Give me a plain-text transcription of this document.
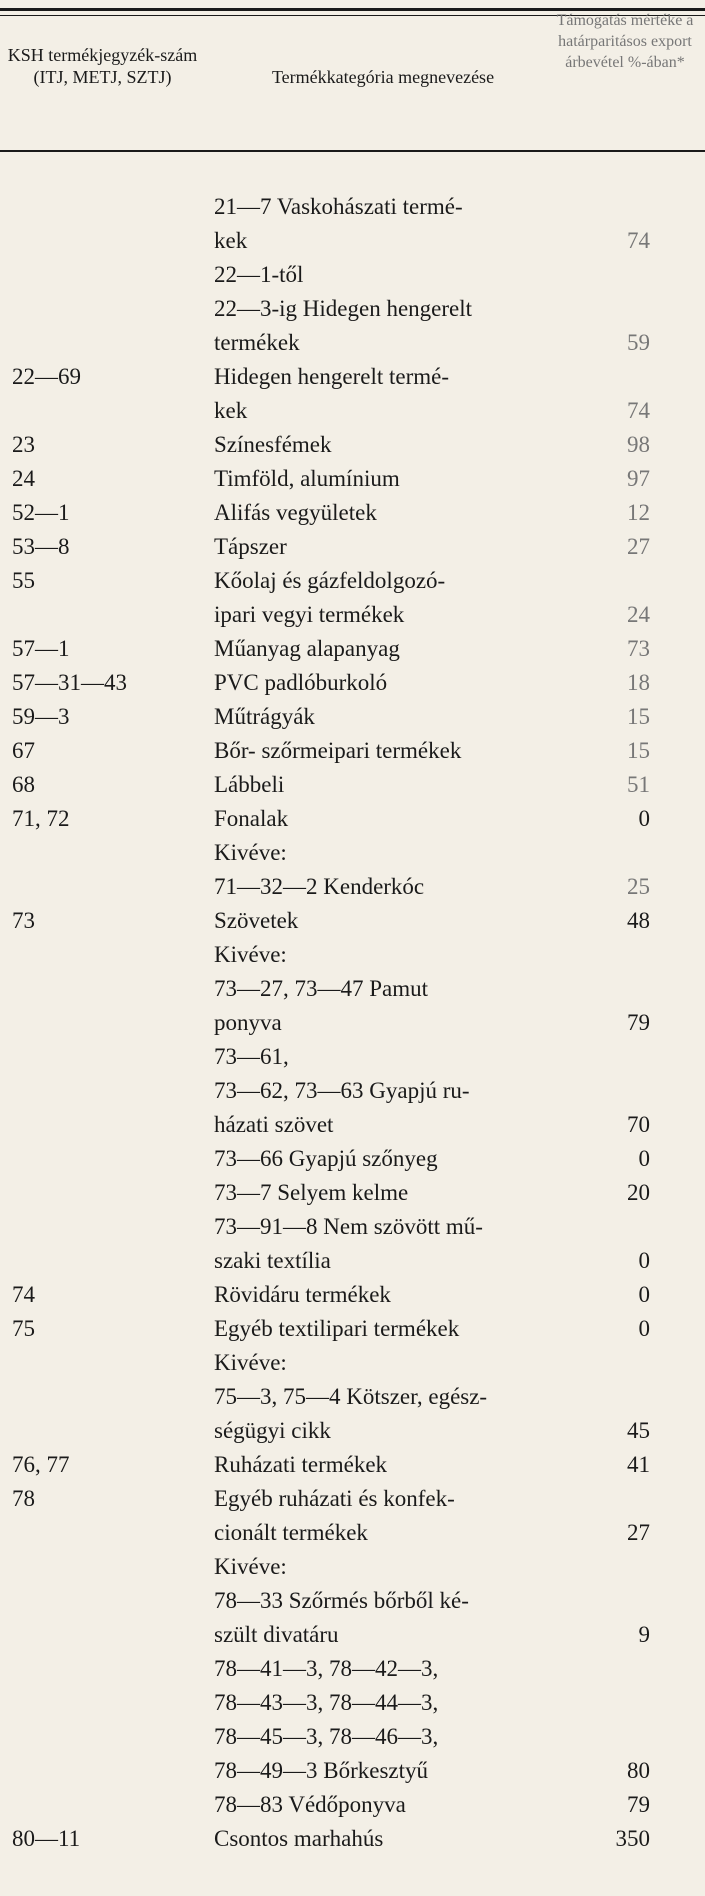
KSH termékjegyzék-szám (ITJ, METJ, SZTJ)	Termékkategória megnevezése
Támogatás mértéke a határparitásos export árbevétel %-ában*
21—7 Vaskohászati termé-
kek	74
22—1-től
22—3-ig Hidegen hengerelt
termékek	59
22—69	Hidegen hengerelt termé-
kek	74
23	Színesfémek	98
24	Timföld, alumínium	97
52—1	Alifás vegyületek	12
53—8	Tápszer	27
55	Kőolaj és gázfeldolgozó-
ipari vegyi termékek	24
57—1	Műanyag alapanyag	73
57—31—43	PVC padlóburkoló	18
59—3	Műtrágyák	15
67	Bőr- szőrmeipari termékek	15
68	Lábbeli	51
71, 72	Fonalak	0
Kivéve:
71—32—2 Kenderkóc	25
73	Szövetek	48
Kivéve:
73—27, 73—47 Pamut
ponyva	79
73—61,
73—62, 73—63 Gyapjú ru-
házati szövet	70
73—66 Gyapjú szőnyeg	0
73—7 Selyem kelme	20
73—91—8 Nem szövött mű-
szaki textília	0
74	Rövidáru termékek	0
75	Egyéb textilipari termékek	0
Kivéve:
75—3, 75—4 Kötszer, egész-
ségügyi cikk	45
76, 77	Ruházati termékek	41
78	Egyéb ruházati és konfek-
cionált termékek	27
Kivéve:
78—33 Szőrmés bőrből ké-
szült divatáru	9
78—41—3, 78—42—3,
78—43—3, 78—44—3,
78—45—3, 78—46—3,
78—49—3 Bőrkesztyű	80
78—83 Védőponyva	79
80—11	Csontos marhahús	350
